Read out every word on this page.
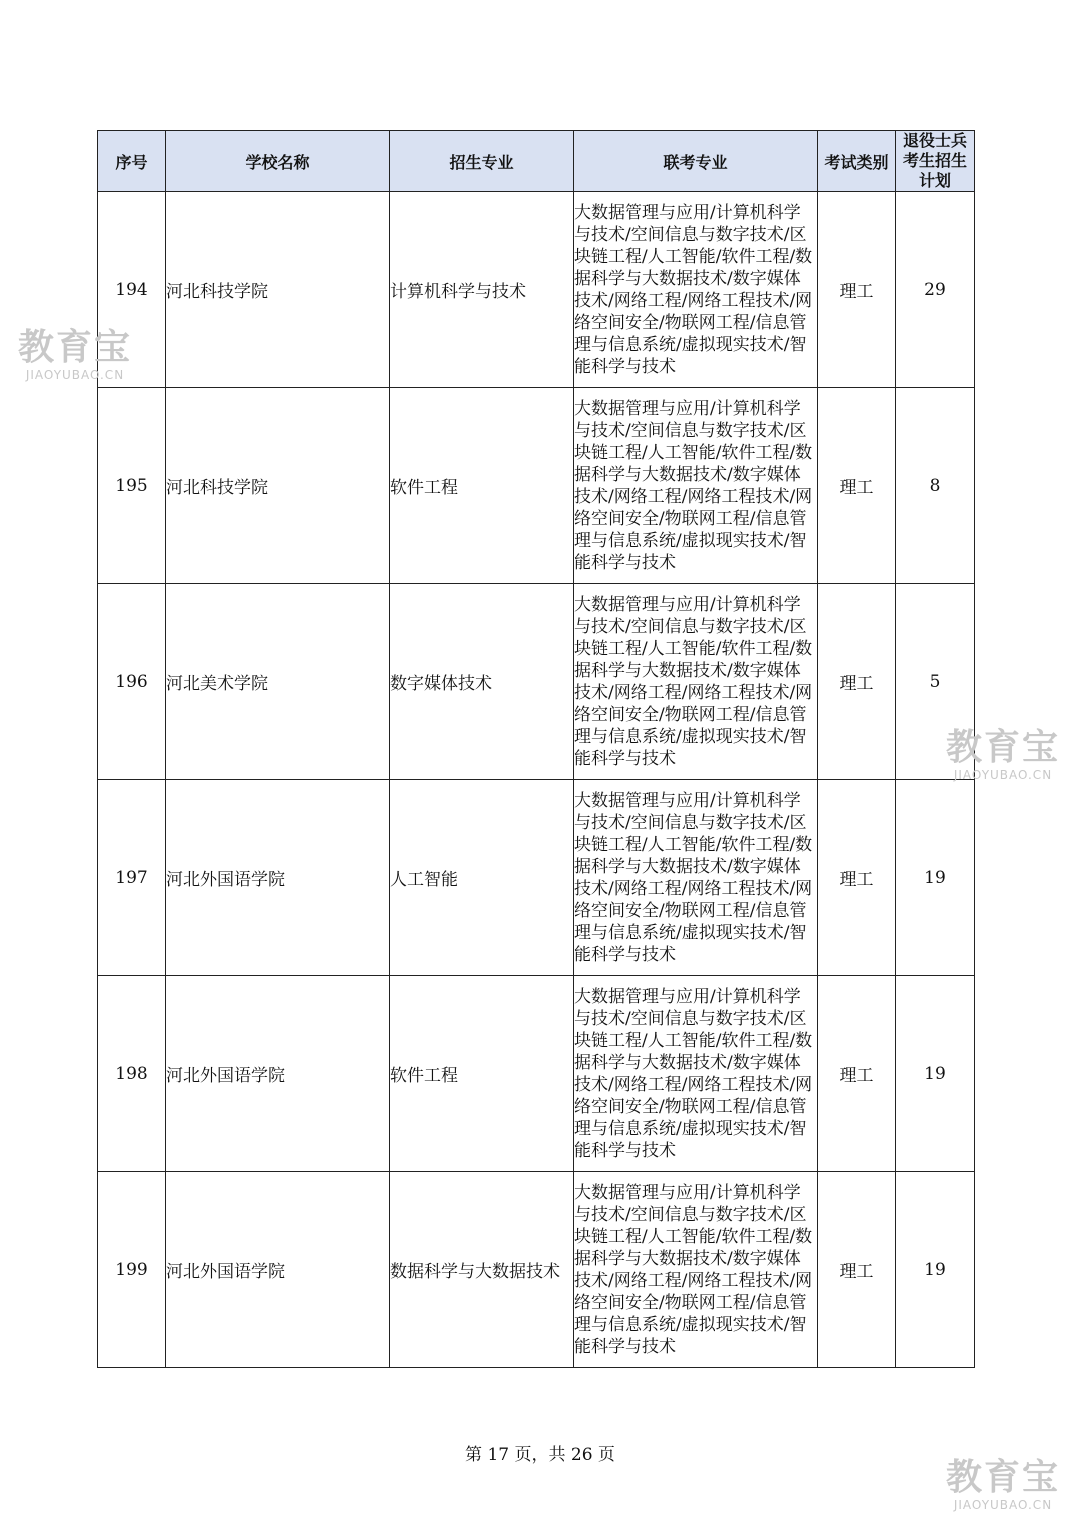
序号	学校名称	招生专业	联考专业	考试类别	退役士兵
考生招生
计划

194	河北科技学院	计算机科学与技术	大数据管理与应用/计算机科学与技术/空间信息与数字技术/区块链工程/人工智能/软件工程/数据科学与大数据技术/数字媒体技术/网络工程/网络工程技术/网络空间安全/物联网工程/信息管理与信息系统/虚拟现实技术/智能科学与技术	理工	29
195	河北科技学院	软件工程	大数据管理与应用/计算机科学与技术/空间信息与数字技术/区块链工程/人工智能/软件工程/数据科学与大数据技术/数字媒体技术/网络工程/网络工程技术/网络空间安全/物联网工程/信息管理与信息系统/虚拟现实技术/智能科学与技术	理工	8
196	河北美术学院	数字媒体技术	大数据管理与应用/计算机科学与技术/空间信息与数字技术/区块链工程/人工智能/软件工程/数据科学与大数据技术/数字媒体技术/网络工程/网络工程技术/网络空间安全/物联网工程/信息管理与信息系统/虚拟现实技术/智能科学与技术	理工	5
197	河北外国语学院	人工智能	大数据管理与应用/计算机科学与技术/空间信息与数字技术/区块链工程/人工智能/软件工程/数据科学与大数据技术/数字媒体技术/网络工程/网络工程技术/网络空间安全/物联网工程/信息管理与信息系统/虚拟现实技术/智能科学与技术	理工	19
198	河北外国语学院	软件工程	大数据管理与应用/计算机科学与技术/空间信息与数字技术/区块链工程/人工智能/软件工程/数据科学与大数据技术/数字媒体技术/网络工程/网络工程技术/网络空间安全/物联网工程/信息管理与信息系统/虚拟现实技术/智能科学与技术	理工	19
199	河北外国语学院	数据科学与大数据技术	大数据管理与应用/计算机科学与技术/空间信息与数字技术/区块链工程/人工智能/软件工程/数据科学与大数据技术/数字媒体技术/网络工程/网络工程技术/网络空间安全/物联网工程/信息管理与信息系统/虚拟现实技术/智能科学与技术	理工	19
第 17 页，共 26 页
教育宝
JIAOYUBAO.CN
教育宝
JIAOYUBAO.CN
教育宝
JIAOYUBAO.CN
